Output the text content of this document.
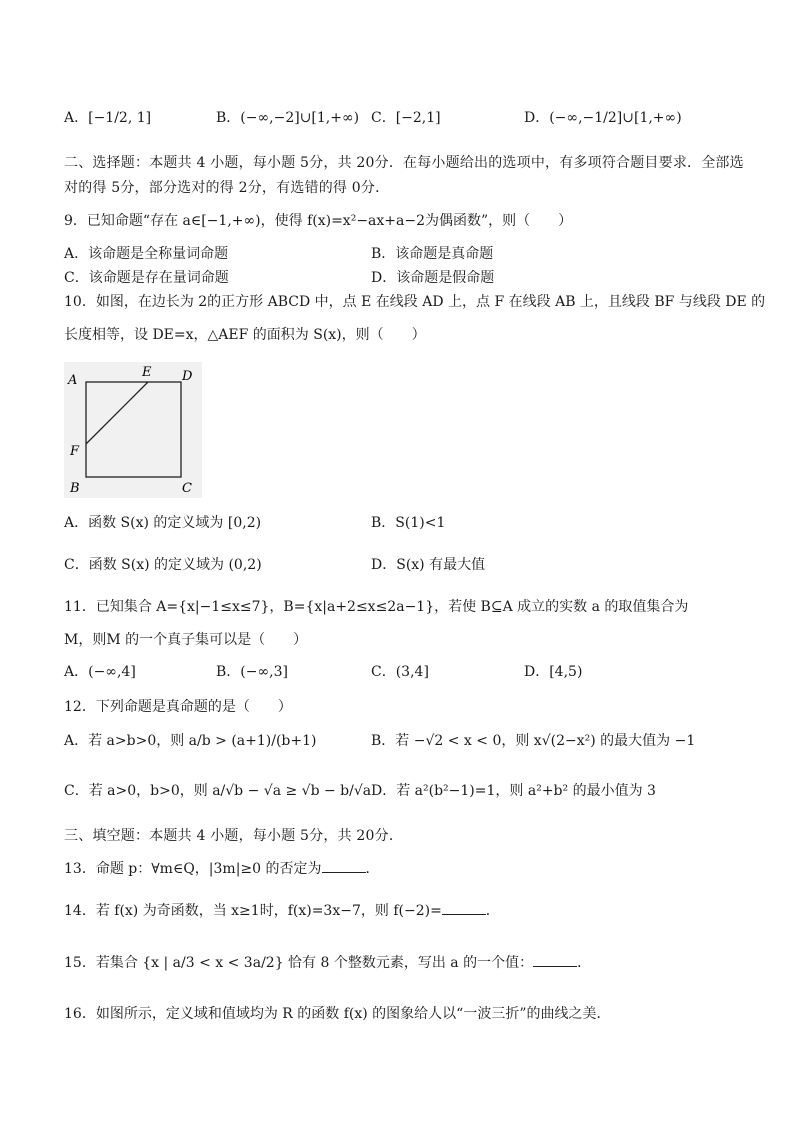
A．[−1/2, 1]	B．(−∞,−2]∪[1,+∞) C．[−2,1]	D．(−∞,−1/2]∪[1,+∞)
二、选择题：本题共 4 小题，每小题 5分，共 20分．在每小题给出的选项中，有多项符合题目要求．全部选
对的得 5分，部分选对的得 2分，有选错的得 0分．
9．已知命题“存在 a∈[−1,+∞)，使得 f(x)=x²−ax+a−2为偶函数”，则（　　）
A．该命题是全称量词命题	B．该命题是真命题
C．该命题是存在量词命题	D．该命题是假命题
10．如图，在边长为 2的正方形 ABCD 中，点 E 在线段 AD 上，点 F 在线段 AB 上，且线段 BF 与线段 DE 的
长度相等，设 DE=x，△AEF 的面积为 S(x)，则（　　）
A
E D
F
B	C
A．函数 S(x) 的定义域为 [0,2)	B．S(1)<1
C．函数 S(x) 的定义域为 (0,2)	D．S(x) 有最大值
11．已知集合 A={x|−1≤x≤7}，B={x|a+2≤x≤2a−1}，若使 B⊆A 成立的实数 a 的取值集合为
M，则M 的一个真子集可以是（　　）
A．(−∞,4]	B．(−∞,3]	C．(3,4]	D．[4,5)
12．下列命题是真命题的是（　　）
A．若 a>b>0，则 a/b > (a+1)/(b+1)	B．若 −√2 < x < 0，则 x√(2−x²) 的最大值为 −1
C．若 a>0，b>0，则 a/√b − √a ≥ √b − b/√a D．若 a²(b²−1)=1，则 a²+b² 的最小值为 3
三、填空题：本题共 4 小题，每小题 5分，共 20分．
13．命题 p：∀m∈Q，|3m|≥0 的否定为	．
14．若 f(x) 为奇函数，当 x≥1时，f(x)=3x−7，则 f(−2)=	．
15．若集合 {x | a/3 < x < 3a/2} 恰有 8 个整数元素，写出 a 的一个值：	．
16．如图所示，定义域和值域均为 R 的函数 f(x) 的图象给人以“一波三折”的曲线之美．
